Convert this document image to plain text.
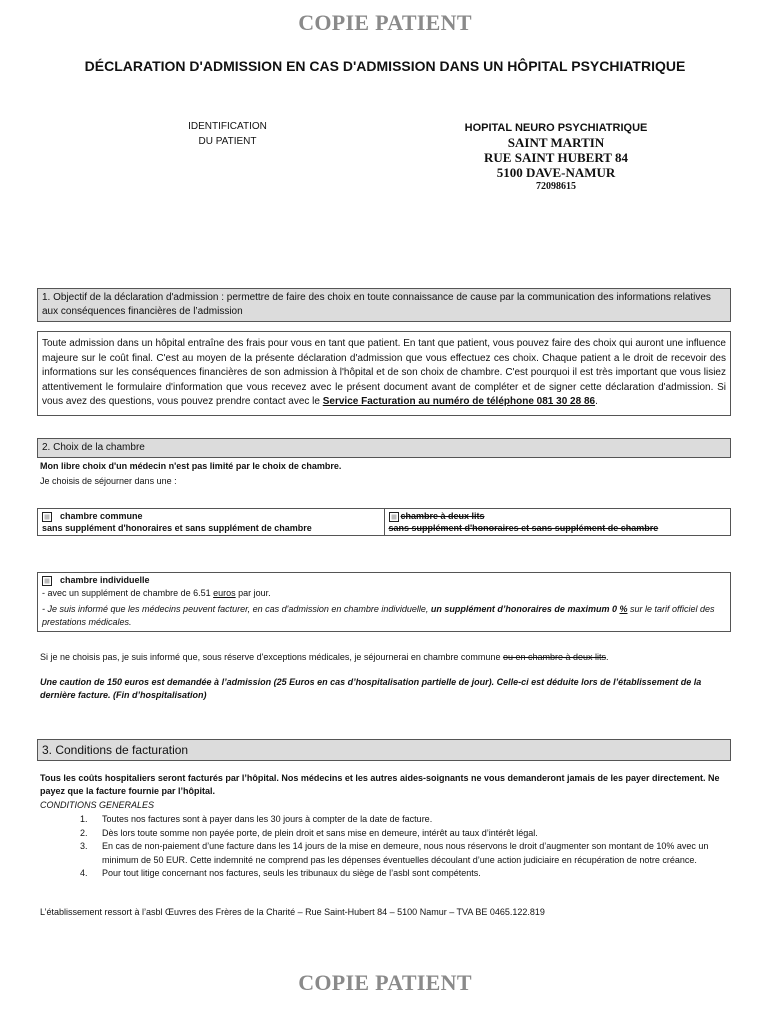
COPIE PATIENT
DÉCLARATION D'ADMISSION EN CAS D'ADMISSION DANS UN HÔPITAL PSYCHIATRIQUE
IDENTIFICATION
DU PATIENT
HOPITAL NEURO PSYCHIATRIQUE
SAINT MARTIN
RUE SAINT HUBERT 84
5100 DAVE-NAMUR
72098615
1. Objectif de la déclaration d'admission : permettre de faire des choix en toute connaissance de cause par la communication des informations relatives aux conséquences financières de l’admission
Toute admission dans un hôpital entraîne des frais pour vous en tant que patient. En tant que patient, vous pouvez faire des choix qui auront une influence majeure sur le coût final. C'est au moyen de la présente déclaration d'admission que vous effectuez ces choix. Chaque patient a le droit de recevoir des informations sur les conséquences financières de son admission à l'hôpital et de son choix de chambre. C'est pourquoi il est très important que vous lisiez attentivement le formulaire d'information que vous recevez avec le présent document avant de compléter et de signer cette déclaration d'admission. Si vous avez des questions, vous pouvez prendre contact avec le Service Facturation au numéro de téléphone 081 30 28 86.
2. Choix de la chambre
Mon libre choix d'un médecin n'est pas limité par le choix de chambre.
Je choisis de séjourner dans une :
chambre commune
sans supplément d'honoraires et sans supplément de chambre

chambre à deux lits
sans supplément d'honoraires et sans supplément de chambre
chambre individuelle
- avec un supplément de chambre de 6.51 euros par jour.
- Je suis informé que les médecins peuvent facturer, en cas d'admission en chambre individuelle, un supplément d’honoraires de maximum 0 % sur le tarif officiel des prestations médicales.
Si je ne choisis pas, je suis informé que, sous réserve d'exceptions médicales, je séjournerai en chambre commune ou en chambre à deux lits.
Une caution de 150 euros est demandée à l’admission (25 Euros en cas d’hospitalisation partielle de jour). Celle-ci est déduite lors de l’établissement de la dernière facture. (Fin d’hospitalisation)
3. Conditions de facturation
Tous les coûts hospitaliers seront facturés par l’hôpital. Nos médecins et les autres aides-soignants ne vous demanderont jamais de les payer directement. Ne payez que la facture fournie par l’hôpital.
CONDITIONS GENERALES
1. Toutes nos factures sont à payer dans les 30 jours à compter de la date de facture.
2. Dès lors toute somme non payée porte, de plein droit et sans mise en demeure, intérêt au taux d’intérêt légal.
3. En cas de non-paiement d’une facture dans les 14 jours de la mise en demeure, nous nous réservons le droit d’augmenter son montant de 10% avec un minimum de 50 EUR. Cette indemnité ne comprend pas les dépenses éventuelles découlant d’une action judiciaire en récupération de notre créance.
4. Pour tout litige concernant nos factures, seuls les tribunaux du siège de l’asbl sont compétents.
L’établissement ressort à l’asbl Œuvres des Frères de la Charité – Rue Saint-Hubert 84 – 5100 Namur – TVA BE 0465.122.819
COPIE PATIENT
